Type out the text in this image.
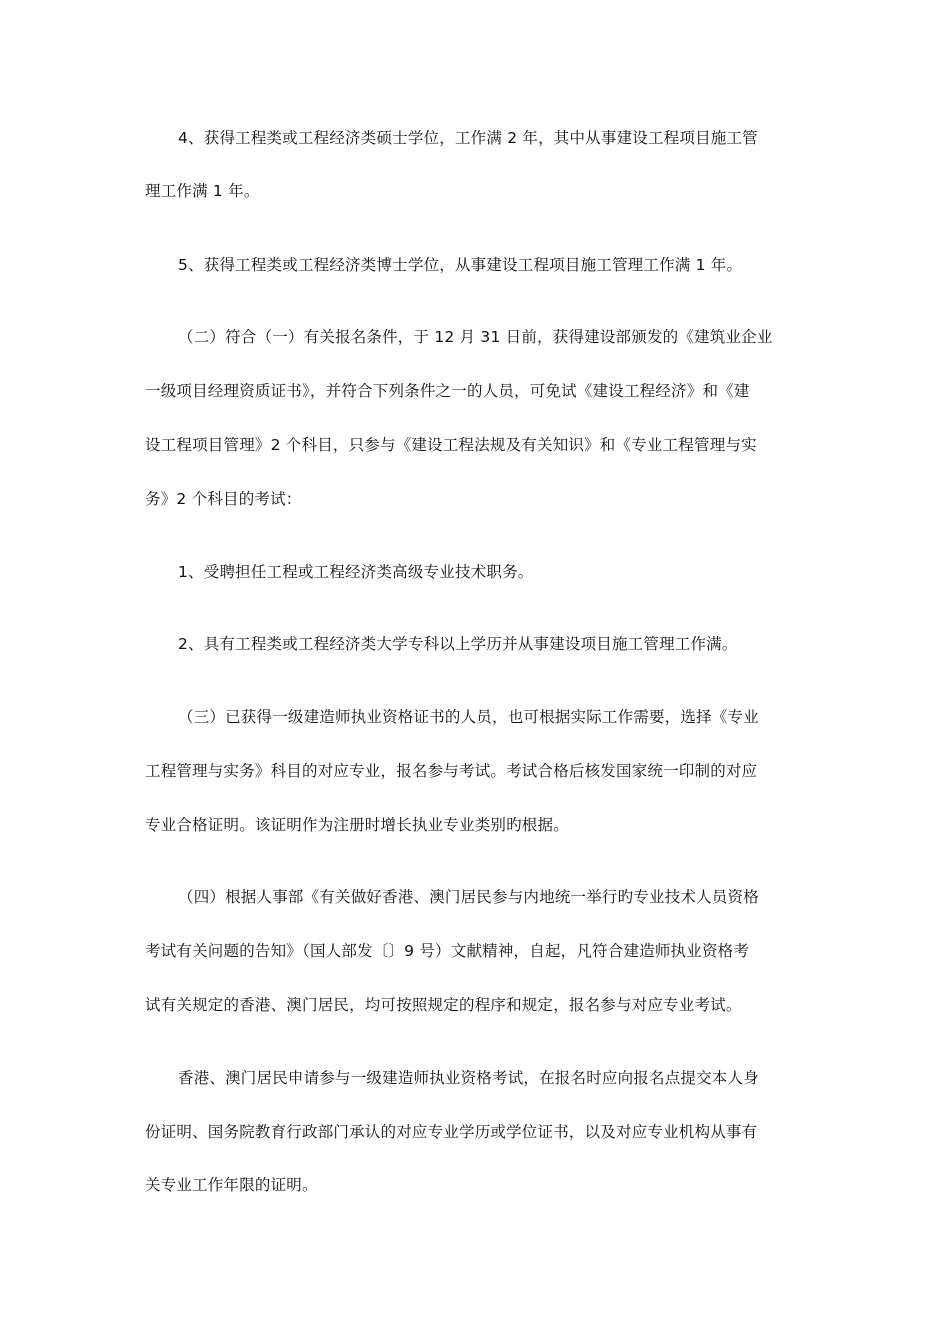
4、获得工程类或工程经济类硕士学位，工作满 2 年，其中从事建设工程项目施工管
理工作满 1 年。
5、获得工程类或工程经济类博士学位，从事建设工程项目施工管理工作满 1 年。
（二）符合（一）有关报名条件，于 12 月 31 日前，获得建设部颁发的《建筑业企业
一级项目经理资质证书》，并符合下列条件之一的人员，可免试《建设工程经济》和《建
设工程项目管理》2 个科目，只参与《建设工程法规及有关知识》和《专业工程管理与实
务》2 个科目的考试：
1、受聘担任工程或工程经济类高级专业技术职务。
2、具有工程类或工程经济类大学专科以上学历并从事建设项目施工管理工作满。
（三）已获得一级建造师执业资格证书的人员，也可根据实际工作需要，选择《专业
工程管理与实务》科目的对应专业，报名参与考试。考试合格后核发国家统一印制的对应
专业合格证明。该证明作为注册时增长执业专业类别旳根据。
（四）根据人事部《有关做好香港、澳门居民参与内地统一举行旳专业技术人员资格
考试有关问题的告知》（国人部发〔〕9 号）文献精神，自起，凡符合建造师执业资格考
试有关规定的香港、澳门居民，均可按照规定的程序和规定，报名参与对应专业考试。
香港、澳门居民申请参与一级建造师执业资格考试，在报名时应向报名点提交本人身
份证明、国务院教育行政部门承认的对应专业学历或学位证书，以及对应专业机构从事有
关专业工作年限的证明。
